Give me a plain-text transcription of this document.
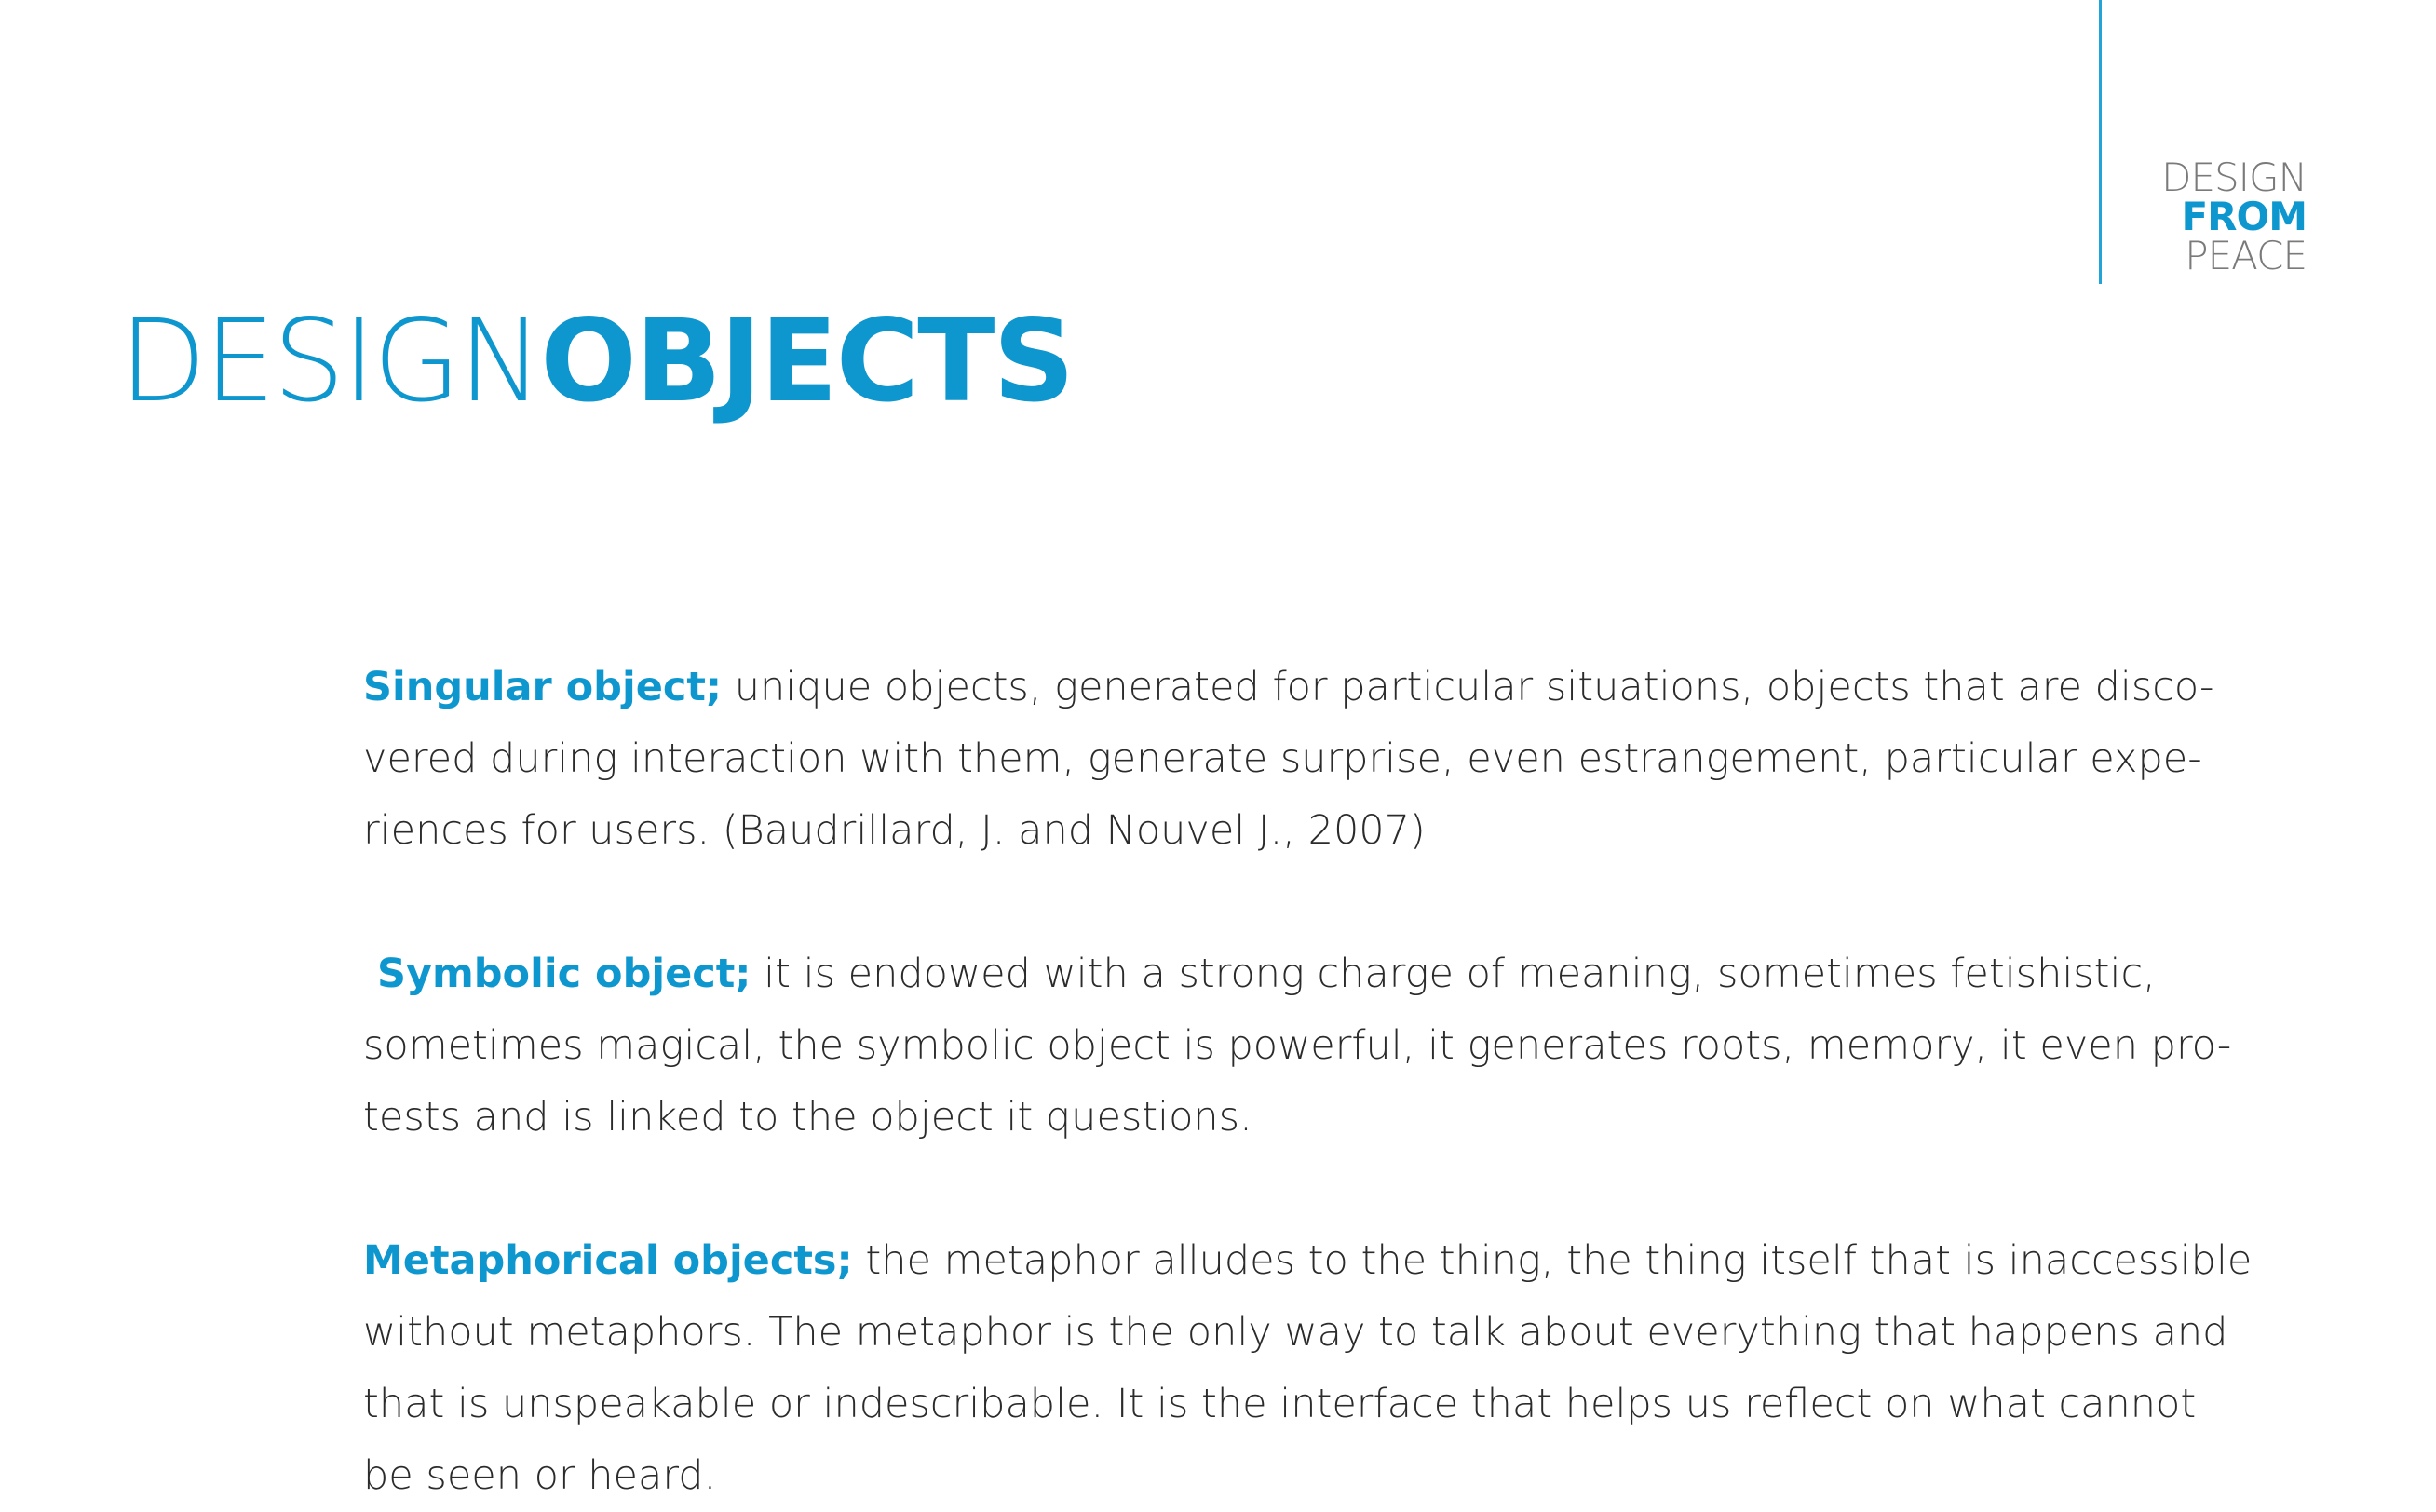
DESIGN
FROM
PEACE
DESIGNOBJECTS

Singular object; unique objects, generated for particular situations, objects that are disco-
vered during interaction with them, generate surprise, even estrangement, particular expe-
riences for users. (Baudrillard, J. and Nouvel J., 2007)

Symbolic object; it is endowed with a strong charge of meaning, sometimes fetishistic,
sometimes magical, the symbolic object is powerful, it generates roots, memory, it even pro-
tests and is linked to the object it questions.

Metaphorical objects; the metaphor alludes to the thing, the thing itself that is inaccessible
without metaphors. The metaphor is the only way to talk about everything that happens and
that is unspeakable or indescribable. It is the interface that helps us reflect on what cannot
be seen or heard.
